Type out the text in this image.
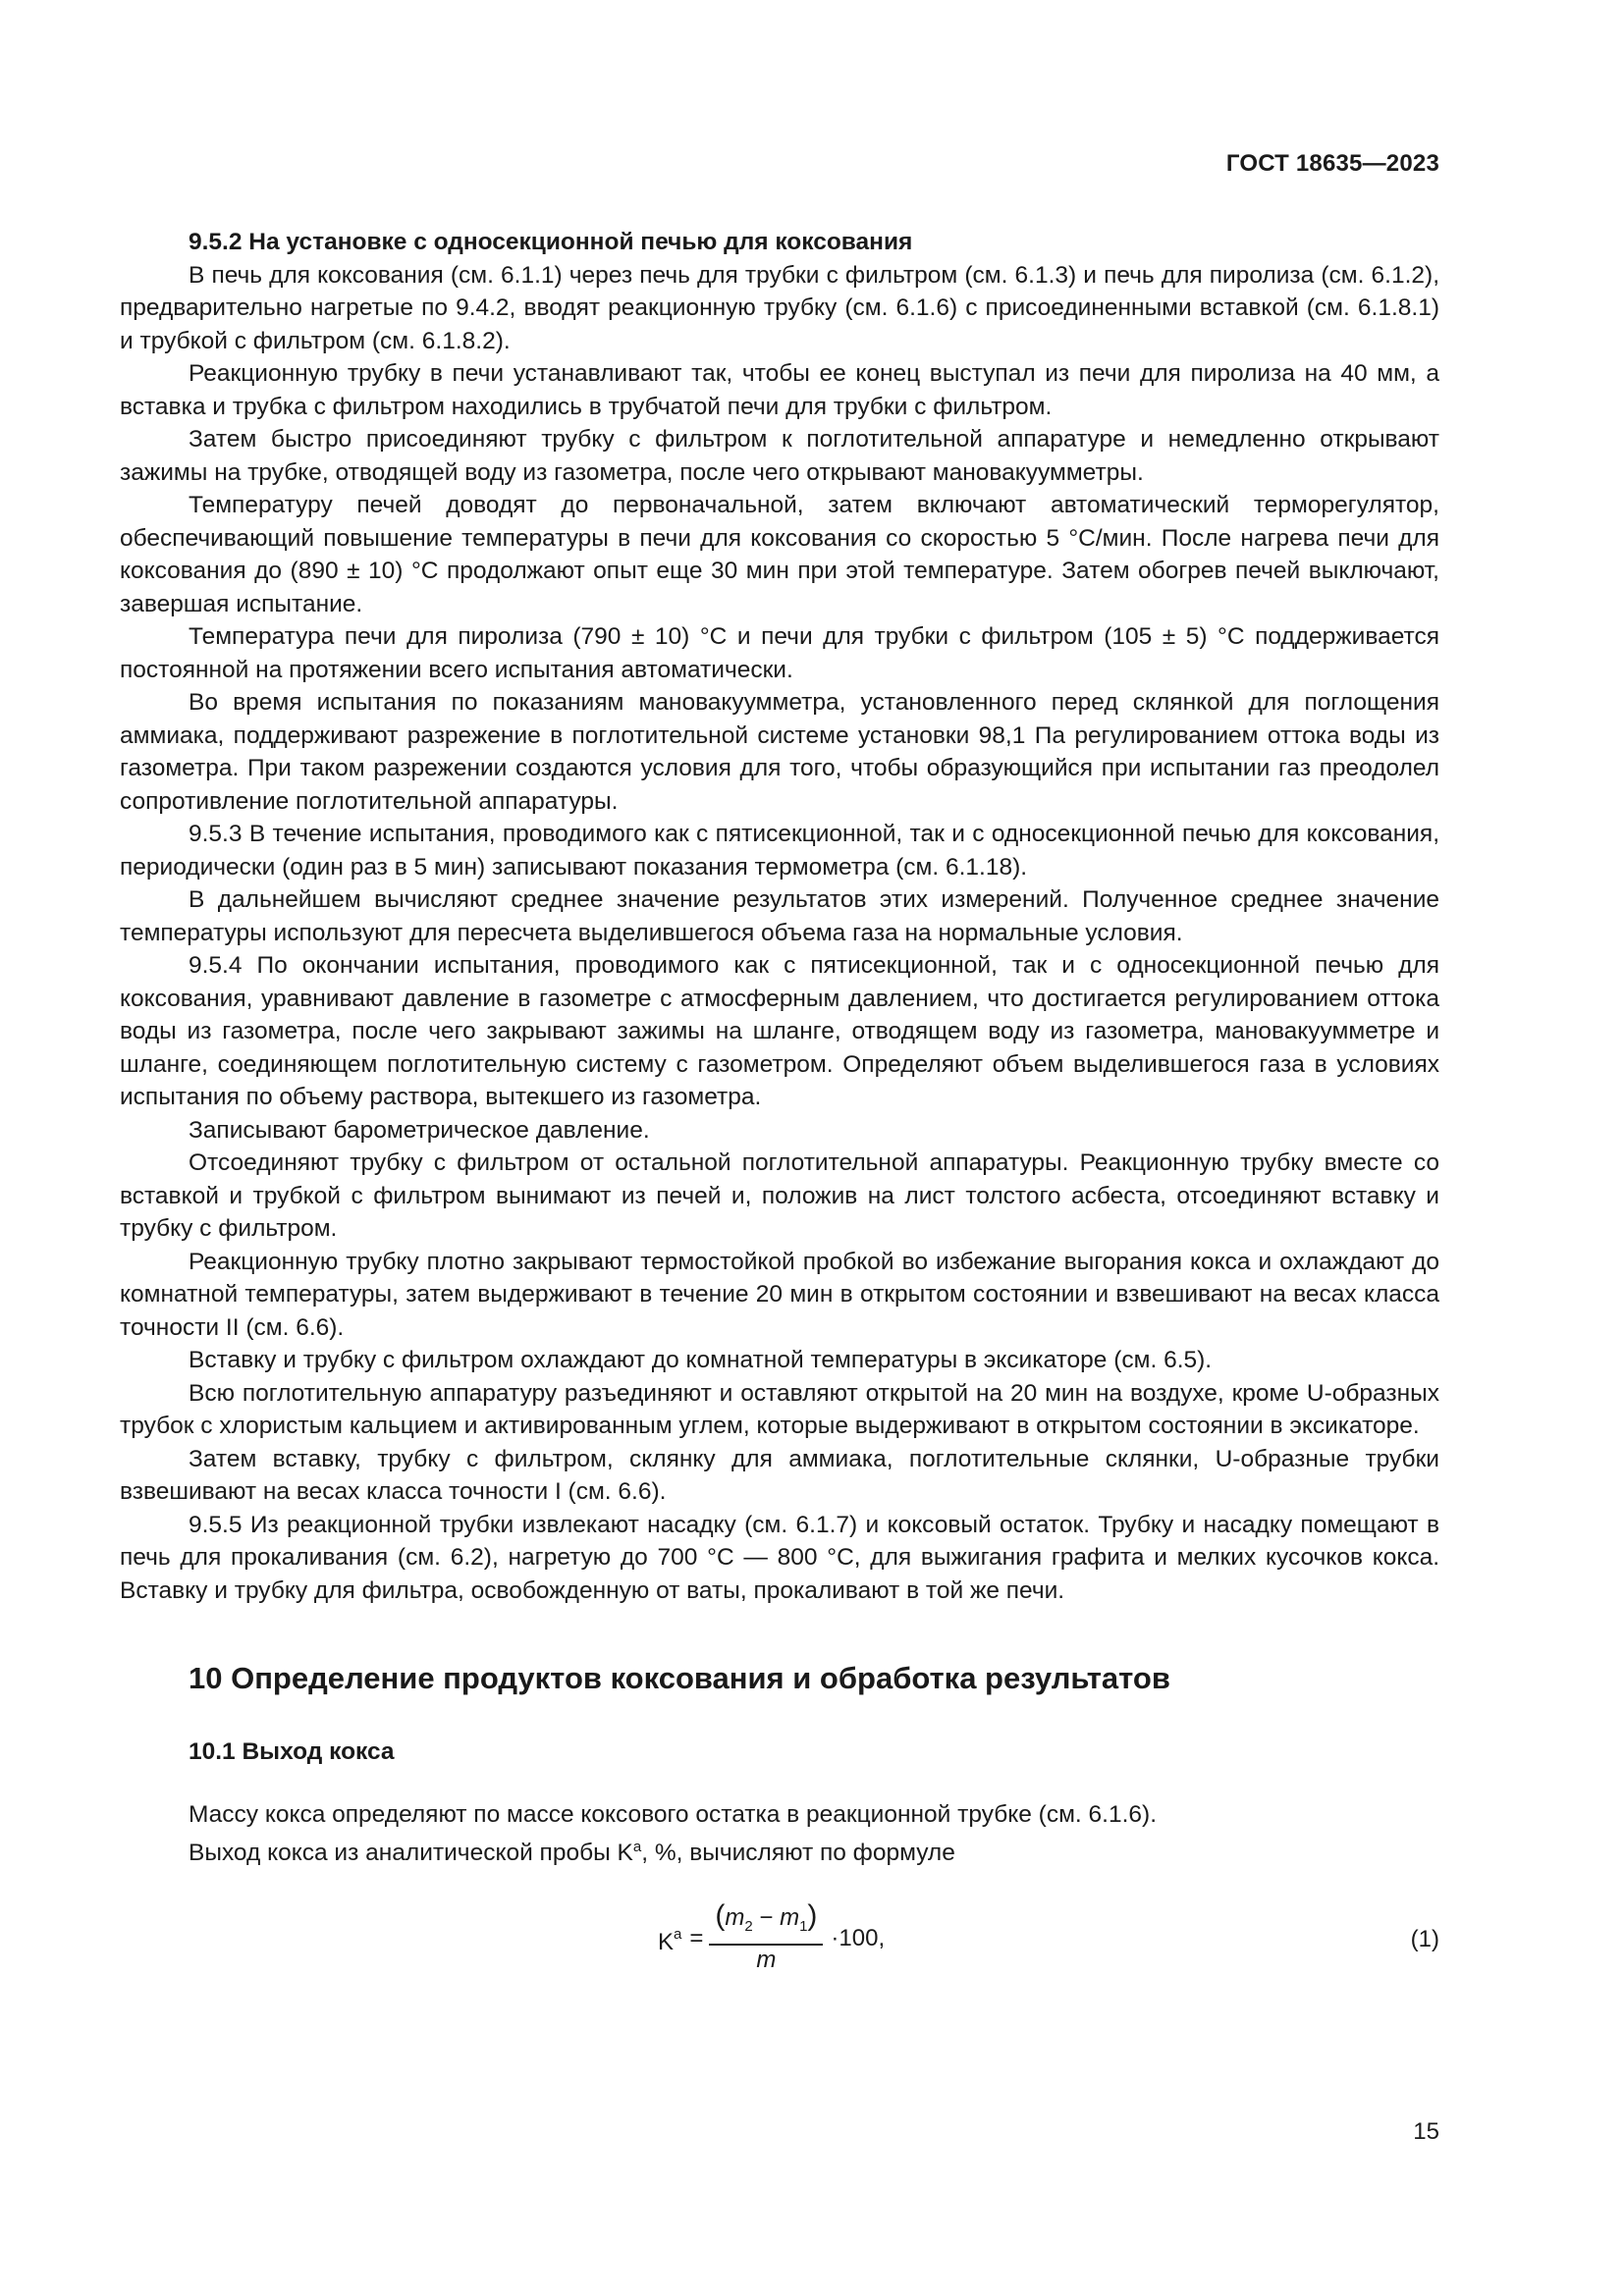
ГОСТ 18635—2023

9.5.2 На установке с односекционной печью для коксования

В печь для коксования (см. 6.1.1) через печь для трубки с фильтром (см. 6.1.3) и печь для пиролиза (см. 6.1.2), предварительно нагретые по 9.4.2, вводят реакционную трубку (см. 6.1.6) с присоединенными вставкой (см. 6.1.8.1) и трубкой с фильтром (см. 6.1.8.2).

Реакционную трубку в печи устанавливают так, чтобы ее конец выступал из печи для пиролиза на 40 мм, а вставка и трубка с фильтром находились в трубчатой печи для трубки с фильтром.

Затем быстро присоединяют трубку с фильтром к поглотительной аппаратуре и немедленно открывают зажимы на трубке, отводящей воду из газометра, после чего открывают мановакуумметры.

Температуру печей доводят до первоначальной, затем включают автоматический терморегулятор, обеспечивающий повышение температуры в печи для коксования со скоростью 5 °С/мин. После нагрева печи для коксования до (890 ± 10) °С продолжают опыт еще 30 мин при этой температуре. Затем обогрев печей выключают, завершая испытание.

Температура печи для пиролиза (790 ± 10) °С и печи для трубки с фильтром (105 ± 5) °С поддерживается постоянной на протяжении всего испытания автоматически.

Во время испытания по показаниям мановакуумметра, установленного перед склянкой для поглощения аммиака, поддерживают разрежение в поглотительной системе установки 98,1 Па регулированием оттока воды из газометра. При таком разрежении создаются условия для того, чтобы образующийся при испытании газ преодолел сопротивление поглотительной аппаратуры.

9.5.3 В течение испытания, проводимого как с пятисекционной, так и с односекционной печью для коксования, периодически (один раз в 5 мин) записывают показания термометра (см. 6.1.18).

В дальнейшем вычисляют среднее значение результатов этих измерений. Полученное среднее значение температуры используют для пересчета выделившегося объема газа на нормальные условия.

9.5.4 По окончании испытания, проводимого как с пятисекционной, так и с односекционной печью для коксования, уравнивают давление в газометре с атмосферным давлением, что достигается регулированием оттока воды из газометра, после чего закрывают зажимы на шланге, отводящем воду из газометра, мановакуумметре и шланге, соединяющем поглотительную систему с газометром. Определяют объем выделившегося газа в условиях испытания по объему раствора, вытекшего из газометра.

Записывают барометрическое давление.

Отсоединяют трубку с фильтром от остальной поглотительной аппаратуры. Реакционную трубку вместе со вставкой и трубкой с фильтром вынимают из печей и, положив на лист толстого асбеста, отсоединяют вставку и трубку с фильтром.

Реакционную трубку плотно закрывают термостойкой пробкой во избежание выгорания кокса и охлаждают до комнатной температуры, затем выдерживают в течение 20 мин в открытом состоянии и взвешивают на весах класса точности II (см. 6.6).

Вставку и трубку с фильтром охлаждают до комнатной температуры в эксикаторе (см. 6.5).

Всю поглотительную аппаратуру разъединяют и оставляют открытой на 20 мин на воздухе, кроме U-образных трубок с хлористым кальцием и активированным углем, которые выдерживают в открытом состоянии в эксикаторе.

Затем вставку, трубку с фильтром, склянку для аммиака, поглотительные склянки, U-образные трубки взвешивают на весах класса точности I (см. 6.6).

9.5.5 Из реакционной трубки извлекают насадку (см. 6.1.7) и коксовый остаток. Трубку и насадку помещают в печь для прокаливания (см. 6.2), нагретую до 700 °С — 800 °С, для выжигания графита и мелких кусочков кокса. Вставку и трубку для фильтра, освобожденную от ваты, прокаливают в той же печи.

10 Определение продуктов коксования и обработка результатов

10.1 Выход кокса

Массу кокса определяют по массе коксового остатка в реакционной трубке (см. 6.1.6).

Выход кокса из аналитической пробы $K^a$, %, вычисляют по формуле

$K^a = \frac{(m_2 - m_1)}{m} \cdot 100$,	(1)
15
